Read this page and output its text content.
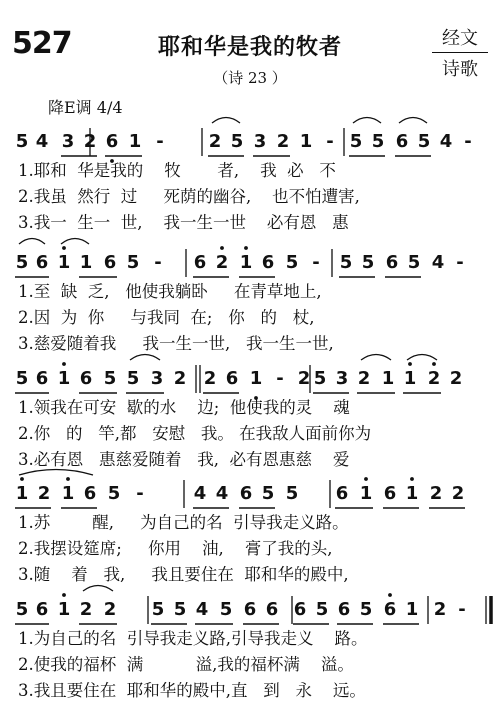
527	耶和华是我的牧者	经文
诗歌
（诗 23 ）
降E调 4/4
5 4 3 2 6 1 -	2 5 3 2 1 - 5 5 6 5 4 -
1.耶和  华是我的    牧       者,    我  必   不
2.我虽  然行  过     死荫的幽谷,    也不怕遭害,
3.我一  生一  世,    我一生一世    必有恩   惠
5 6 1 1 6 5 - 6 2 1 6 5 - 5 5 6 5 4 -
1.至  缺  乏,   他使我躺卧     在青草地上,
2.因  为  你     与我同  在;   你   的   杖,
3.慈爱随着我     我一生一世,   我一生一世,
5 6 1 6 5 5 3 2 2 6 1 - 2 5 3 2 1 1 2 2
1.领我在可安  歇的水    边;  他使我的灵    魂
2.你   的   竿,都   安慰   我。 在我敌人面前你为
3.必有恩   惠慈爱随着   我,  必有恩惠慈    爱
1 2 1 6 5 -	4 4 6 5 5 6 1 6 1 2 2
1.苏        醒,     为自己的名  引导我走义路。
2.我摆设筵席;     你用    油,    膏了我的头,
3.随    着   我,     我且要住在  耶和华的殿中,
5 6 1 2 2 5 5 4 5 6 6 6 5 6 5 6 1 2 -
1.为自己的名  引导我走义路,引导我走义    路。
2.使我的福杯  满          溢,我的福杯满    溢。
3.我且要住在  耶和华的殿中,直   到   永    远。
